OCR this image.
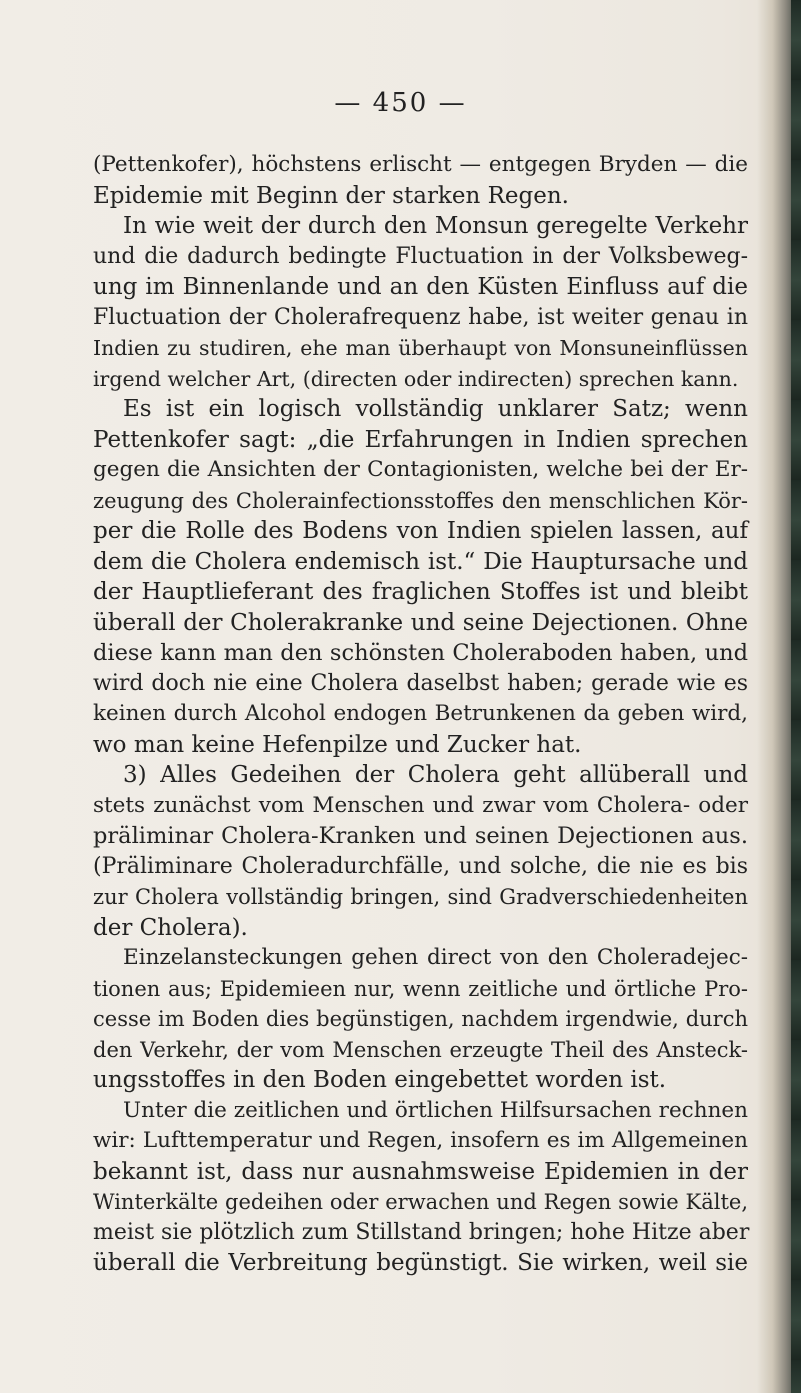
— 450 —
(Pettenkofer), höchstens erlischt — entgegen Bryden — die
Epidemie mit Beginn der starken Regen.
In wie weit der durch den Monsun geregelte Verkehr
und die dadurch bedingte Fluctuation in der Volksbeweg-
ung im Binnenlande und an den Küsten Einfluss auf die
Fluctuation der Cholerafrequenz habe, ist weiter genau in
Indien zu studiren, ehe man überhaupt von Monsuneinflüssen
irgend welcher Art, (directen oder indirecten) sprechen kann.
Es ist ein logisch vollständig unklarer Satz; wenn
Pettenkofer sagt: „die Erfahrungen in Indien sprechen
gegen die Ansichten der Contagionisten, welche bei der Er-
zeugung des Cholerainfectionsstoffes den menschlichen Kör-
per die Rolle des Bodens von Indien spielen lassen, auf
dem die Cholera endemisch ist.“ Die Hauptursache und
der Hauptlieferant des fraglichen Stoffes ist und bleibt
überall der Cholerakranke und seine Dejectionen. Ohne
diese kann man den schönsten Choleraboden haben, und
wird doch nie eine Cholera daselbst haben; gerade wie es
keinen durch Alcohol endogen Betrunkenen da geben wird,
wo man keine Hefenpilze und Zucker hat.
3) Alles Gedeihen der Cholera geht allüberall und
stets zunächst vom Menschen und zwar vom Cholera- oder
präliminar Cholera-Kranken und seinen Dejectionen aus.
(Präliminare Choleradurchfälle, und solche, die nie es bis
zur Cholera vollständig bringen, sind Gradverschiedenheiten
der Cholera).
Einzelansteckungen gehen direct von den Choleradejec-
tionen aus; Epidemieen nur, wenn zeitliche und örtliche Pro-
cesse im Boden dies begünstigen, nachdem irgendwie, durch
den Verkehr, der vom Menschen erzeugte Theil des Ansteck-
ungsstoffes in den Boden eingebettet worden ist.
Unter die zeitlichen und örtlichen Hilfsursachen rechnen
wir: Lufttemperatur und Regen, insofern es im Allgemeinen
bekannt ist, dass nur ausnahmsweise Epidemien in der
Winterkälte gedeihen oder erwachen und Regen sowie Kälte,
meist sie plötzlich zum Stillstand bringen; hohe Hitze aber
überall die Verbreitung begünstigt. Sie wirken, weil sie
